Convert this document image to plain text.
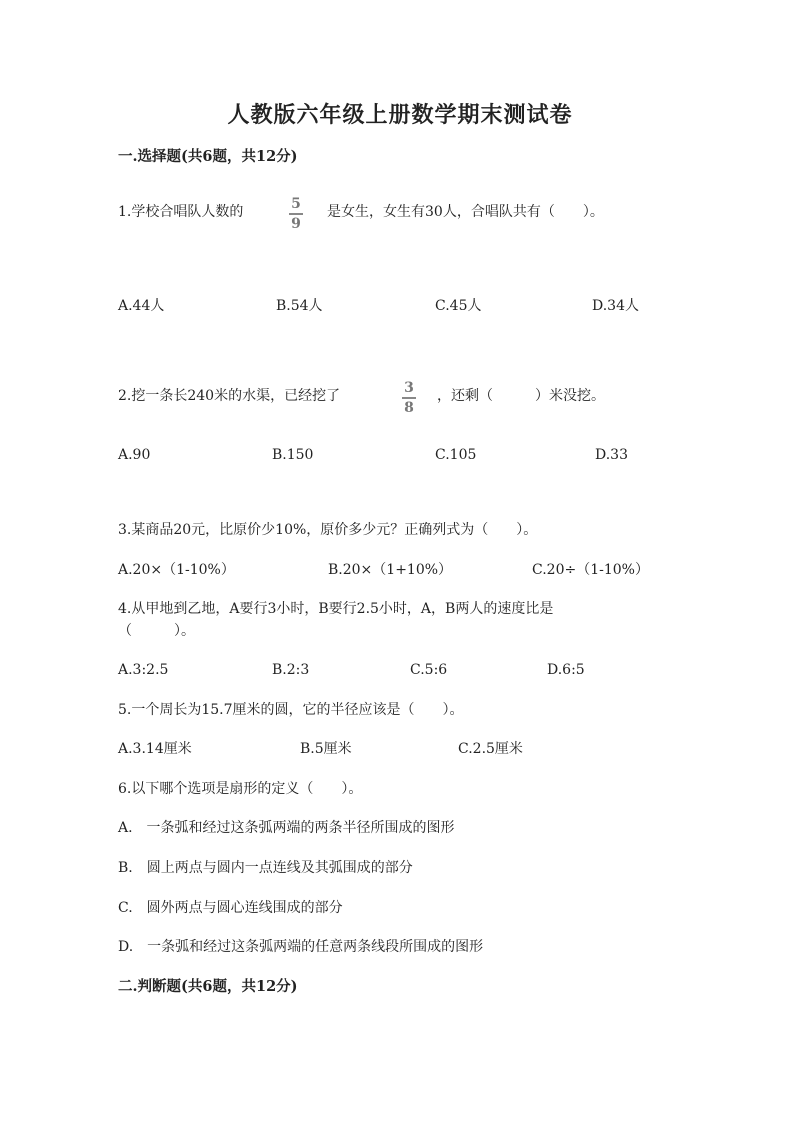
人教版六年级上册数学期末测试卷
一.选择题(共6题，共12分)
1.学校合唱队人数的	5
9
是女生，女生有30人，合唱队共有（　　）。
A.44人	B.54人	C.45人	D.34人
2.挖一条长240米的水渠，已经挖了	3
8
，还剩（　　　）米没挖。
A.90	B.150	C.105	D.33
3.某商品20元，比原价少10%，原价多少元？正确列式为（　　）。
A.20×（1-10%）	B.20×（1+10%）	C.20÷（1-10%）
4.从甲地到乙地，A要行3小时，B要行2.5小时，A，B两人的速度比是
（　　　）。
A.3:2.5	B.2:3	C.5:6	D.6:5
5.一个周长为15.7厘米的圆，它的半径应该是（　　）。
A.3.14厘米	B.5厘米	C.2.5厘米
6.以下哪个选项是扇形的定义（　　）。
A.　一条弧和经过这条弧两端的两条半径所围成的图形
B.　圆上两点与圆内一点连线及其弧围成的部分
C.　圆外两点与圆心连线围成的部分
D.　一条弧和经过这条弧两端的任意两条线段所围成的图形
二.判断题(共6题，共12分)
